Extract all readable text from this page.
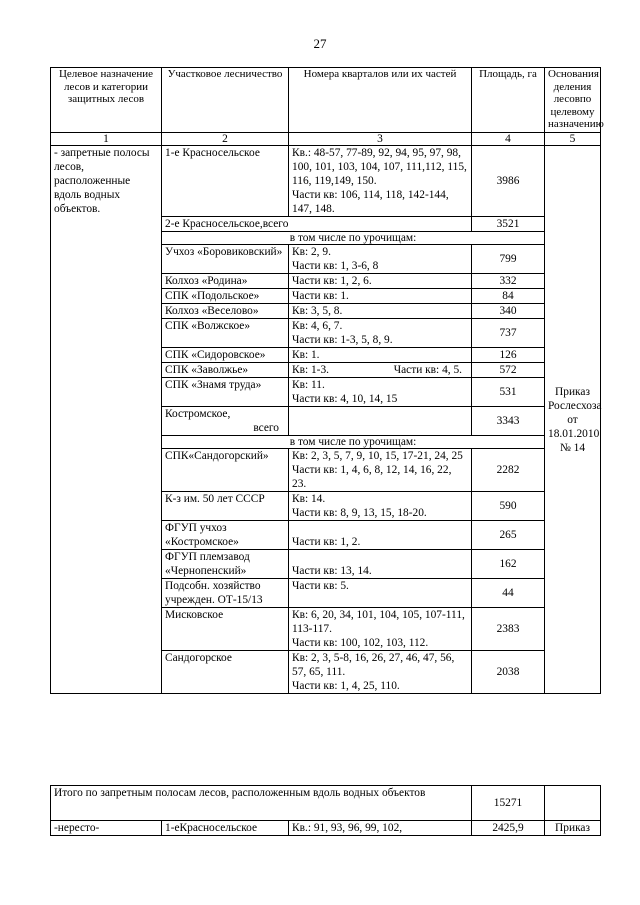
27
Целевое назначение лесов и категории защитных лесов	Участковое лесничество	Номера кварталов или их частей	Площадь, га	Основания деления лесовпо целевому назначению
1	2	3	4	5
- запретные полосы лесов, расположенные вдоль водных объектов.	1-е Красносельское	Кв.: 48-57, 77-89, 92, 94, 95, 97, 98, 100, 101, 103, 104, 107, 111,112, 115, 116, 119,149, 150.
Части кв: 106, 114, 118, 142-144, 147, 148.	3986	Приказ Рослесхоза от 18.01.2010 № 14
	2-е Красносельское,всего		3521	
	в том числе по урочищам:			
	Учхоз «Боровиковский»	Кв: 2, 9.
Части кв: 1, 3-6, 8	799	
	Колхоз «Родина»	Части кв: 1, 2, 6.	332	
	СПК «Подольское»	Части кв: 1.	84	
	Колхоз «Веселово»	Кв: 3, 5, 8.	340	
	СПК «Волжское»	Кв: 4, 6, 7.
Части кв: 1-3, 5, 8, 9.	737	
	СПК «Сидоровское»	Кв: 1.	126	
	СПК «Заволжье»	Кв: 1-3. Части кв: 4, 5.	572	
	СПК «Знамя труда»	Кв: 11.
Части кв: 4, 10, 14, 15	531	

	Костромское,
всего		3343	
	в том числе по урочищам:			
	СПК«Сандогорский»	Кв: 2, 3, 5, 7, 9, 10, 15, 17-21, 24, 25
Части кв: 1, 4, 6, 8, 12, 14, 16, 22, 23.	2282	
	К-з им. 50 лет СССР	Кв: 14.
Части кв: 8, 9, 13, 15, 18-20.	590	
	ФГУП учхоз «Костромское»	Части кв: 1, 2.	265	
	ФГУП племзавод «Чернопенский»	Части кв: 13, 14.	162	
	Подсобн. хозяйство учрежден. ОТ-15/13	Части кв: 5.	44	
	Мисковское	Кв: 6, 20, 34, 101, 104, 105, 107-111, 113-117.
Части кв: 100, 102, 103, 112.	2383	
	Сандогорское	Кв: 2, 3, 5-8, 16, 26, 27, 46, 47, 56, 57, 65, 111.
Части кв: 1, 4, 25, 110.	2038	
Итого по запретным полосам лесов, расположенным вдоль водных объектов			15271	
-нересто-	1-еКрасносельское	Кв.: 91, 93, 96, 99, 102,	2425,9	Приказ
